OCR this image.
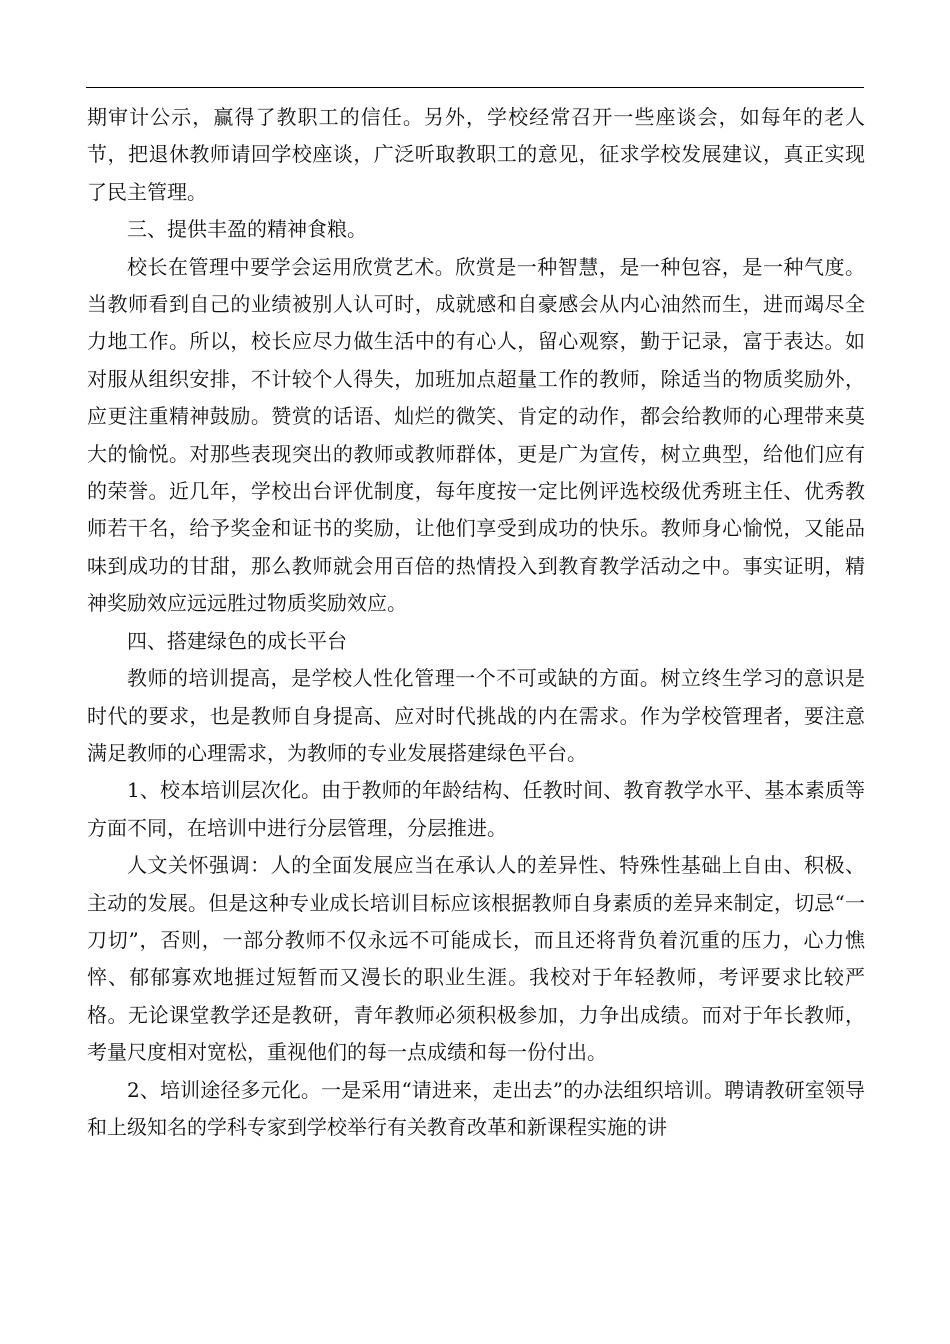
期审计公示，赢得了教职工的信任。另外，学校经常召开一些座谈会，如每年的老人节，把退休教师请回学校座谈，广泛听取教职工的意见，征求学校发展建议，真正实现了民主管理。

三、提供丰盈的精神食粮。

校长在管理中要学会运用欣赏艺术。欣赏是一种智慧，是一种包容，是一种气度。当教师看到自己的业绩被别人认可时，成就感和自豪感会从内心油然而生，进而竭尽全力地工作。所以，校长应尽力做生活中的有心人，留心观察，勤于记录，富于表达。如对服从组织安排，不计较个人得失，加班加点超量工作的教师，除适当的物质奖励外，应更注重精神鼓励。赞赏的话语、灿烂的微笑、肯定的动作，都会给教师的心理带来莫大的愉悦。对那些表现突出的教师或教师群体，更是广为宣传，树立典型，给他们应有的荣誉。近几年，学校出台评优制度，每年度按一定比例评选校级优秀班主任、优秀教师若干名，给予奖金和证书的奖励，让他们享受到成功的快乐。教师身心愉悦，又能品味到成功的甘甜，那么教师就会用百倍的热情投入到教育教学活动之中。事实证明，精神奖励效应远远胜过物质奖励效应。

四、搭建绿色的成长平台

教师的培训提高，是学校人性化管理一个不可或缺的方面。树立终生学习的意识是时代的要求，也是教师自身提高、应对时代挑战的内在需求。作为学校管理者，要注意满足教师的心理需求，为教师的专业发展搭建绿色平台。

1、校本培训层次化。由于教师的年龄结构、任教时间、教育教学水平、基本素质等方面不同，在培训中进行分层管理，分层推进。

人文关怀强调：人的全面发展应当在承认人的差异性、特殊性基础上自由、积极、主动的发展。但是这种专业成长培训目标应该根据教师自身素质的差异来制定，切忌“一刀切”，否则，一部分教师不仅永远不可能成长，而且还将背负着沉重的压力，心力憔悴、郁郁寡欢地捱过短暂而又漫长的职业生涯。我校对于年轻教师，考评要求比较严格。无论课堂教学还是教研，青年教师必须积极参加，力争出成绩。而对于年长教师，考量尺度相对宽松，重视他们的每一点成绩和每一份付出。

2、培训途径多元化。一是采用“请进来，走出去”的办法组织培训。聘请教研室领导和上级知名的学科专家到学校举行有关教育改革和新课程实施的讲
